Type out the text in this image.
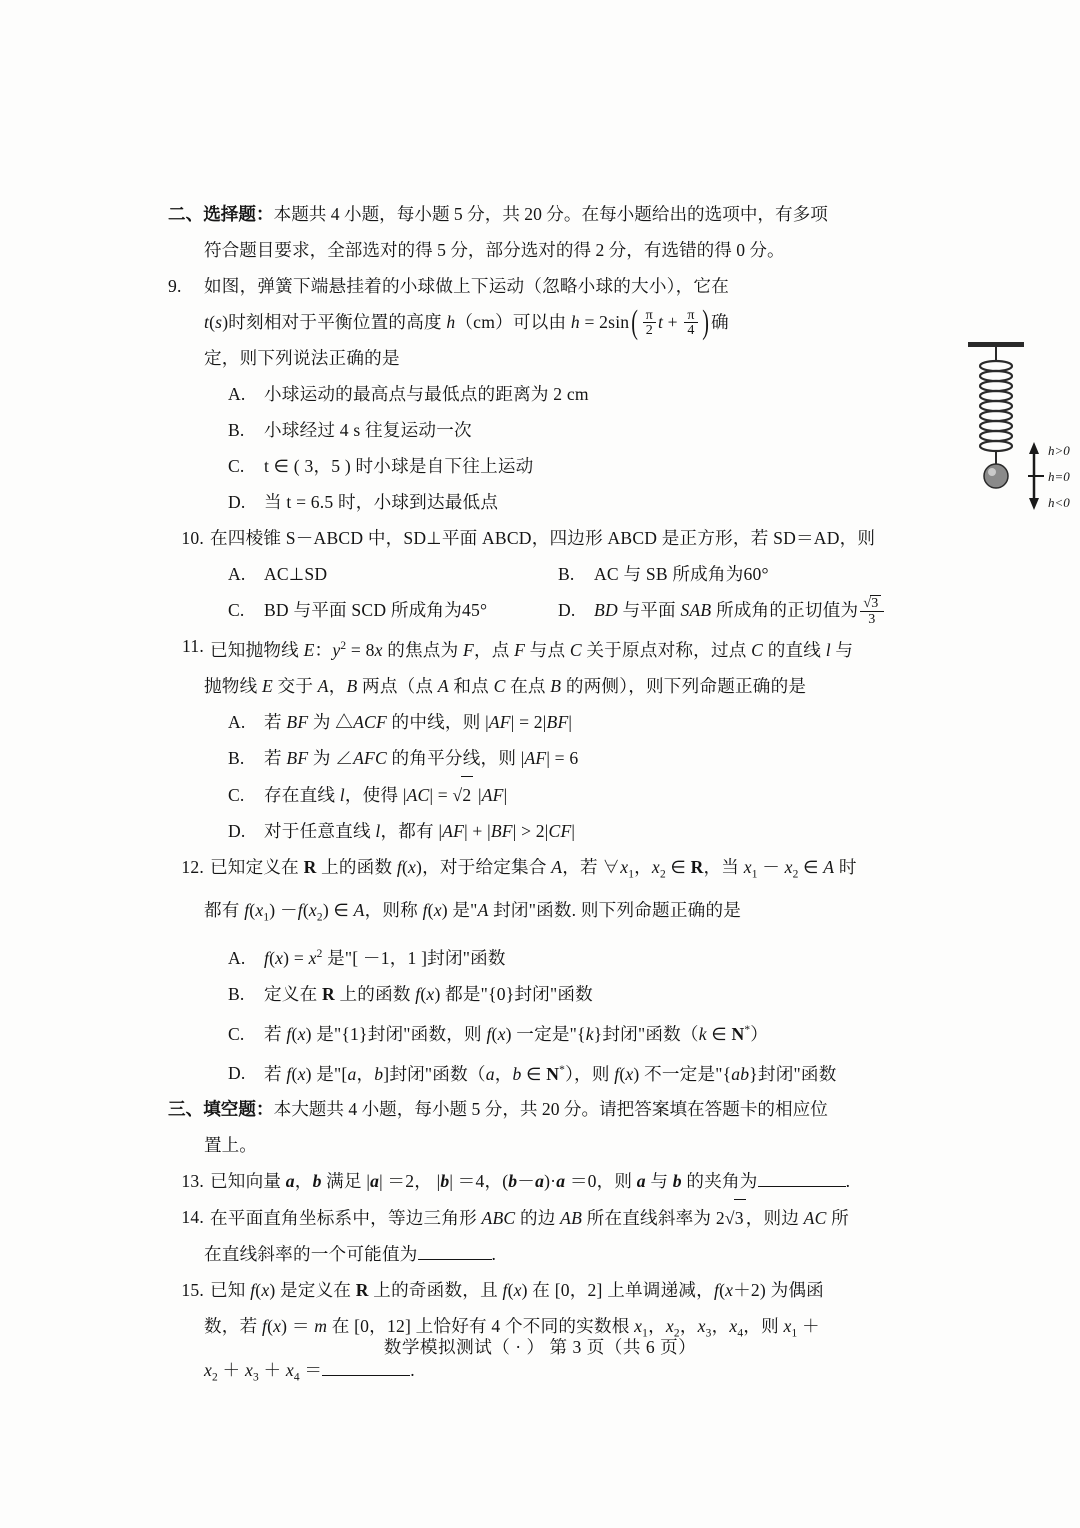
二、选择题：本题共 4 小题，每小题 5 分，共 20 分。在每小题给出的选项中，有多项
符合题目要求，全部选对的得 5 分，部分选对的得 2 分，有选错的得 0 分。
9.	如图，弹簧下端悬挂着的小球做上下运动（忽略小球的大小），它在
t(s)时刻相对于平衡位置的高度 h（cm）可以由 $h = 2\sin( \frac{\pi}{2}$ $t + \frac{\pi}{4}$ ) 确
定，则下列说法正确的是
A. 小球运动的最高点与最低点的距离为 2 cm
B. 小球经过 4 s 往复运动一次
C. t ∈ ( 3，5 ) 时小球是自下往上运动
D. 当 t = 6.5 时，小球到达最低点
h>0
h=0
h<0
10. 在四棱锥 S－ABCD 中，SD⊥平面 ABCD，四边形 ABCD 是正方形，若 SD＝AD，则
A. AC⊥SD	B. AC 与 SB 所成角为60°
C. BD 与平面 SCD 所成角为45°	D. BD 与平面 SAB 所成角的正切值为 $\frac{√3}{3}$
11. 已知抛物线 E：$y^2 = 8x$ 的焦点为 F，点 F 与点 C 关于原点对称，过点 C 的直线 l 与
抛物线 E 交于 A，B 两点（点 A 和点 C 在点 B 的两侧），则下列命题正确的是
A. 若 BF 为 △ACF 的中线，则 |AF| = 2|BF|
B. 若 BF 为 ∠AFC 的角平分线，则 |AF| = 6
C. 存在直线 l，使得 |AC| = √2 |AF|
D. 对于任意直线 l，都有 |AF| + |BF| > 2|CF|
12. 已知定义在 R 上的函数 f(x)，对于给定集合 A，若 $\forall x_1$，$x_2$ ∈ R，当 $x_1 - x_2$ ∈ A 时
都有 $f(x_1) -f(x_2)$ ∈ A，则称 f(x) 是"A 封闭"函数. 则下列命题正确的是
A. $f(x) = x^2$ 是"[ －1，1 ]封闭"函数
B. 定义在 R 上的函数 f(x) 都是"{0}封闭"函数
C. 若 f(x) 是"{1}封闭"函数，则 f(x) 一定是"{k}封闭"函数（k ∈ N*）
D. 若 f(x) 是"[a，b]封闭"函数（a，b ∈ N*），则 f(x) 不一定是"{ab}封闭"函数
三、填空题：本大题共 4 小题，每小题 5 分，共 20 分。请把答案填在答题卡的相应位
置上。
13. 已知向量 a，b 满足 |a| ＝2， |b| ＝4，(b－a)·a ＝0，则 a 与 b 的夹角为	.
14. 在平面直角坐标系中，等边三角形 ABC 的边 AB 所在直线斜率为 2√3 ，则边 AC 所
在直线斜率的一个可能值为	.
15. 已知 f(x) 是定义在 R 上的奇函数，且 f(x) 在 [0，2] 上单调递减，f(x＋2) 为偶函
数，若 f(x) ＝ m 在 [0，12] 上恰好有 4 个不同的实数根 $x_1$，$x_2$，$x_3$，$x_4$，则 $x_1$ ＋
$x_2 + x_3 + x_4$ ＝	.
数学模拟测试（ · ） 第 3 页（共 6 页）
